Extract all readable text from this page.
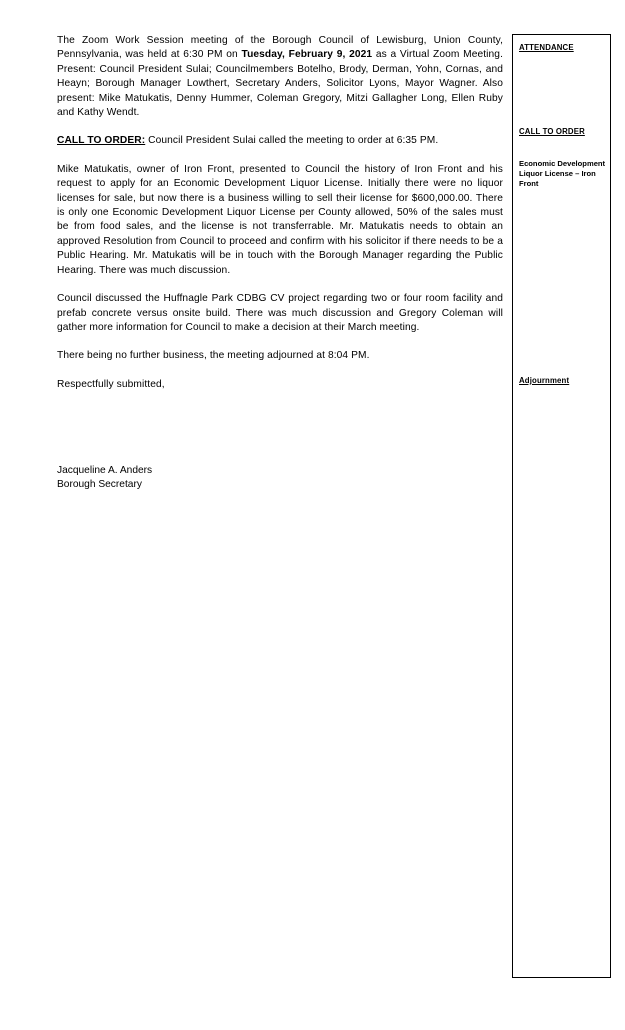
The Zoom Work Session meeting of the Borough Council of Lewisburg, Union County, Pennsylvania, was held at 6:30 PM on Tuesday, February 9, 2021 as a Virtual Zoom Meeting. Present: Council President Sulai; Councilmembers Botelho, Brody, Derman, Yohn, Cornas, and Heayn; Borough Manager Lowthert, Secretary Anders, Solicitor Lyons, Mayor Wagner. Also present: Mike Matukatis, Denny Hummer, Coleman Gregory, Mitzi Gallagher Long, Ellen Ruby and Kathy Wendt.

CALL TO ORDER: Council President Sulai called the meeting to order at 6:35 PM.

Mike Matukatis, owner of Iron Front, presented to Council the history of Iron Front and his request to apply for an Economic Development Liquor License. Initially there were no liquor licenses for sale, but now there is a business willing to sell their license for $600,000.00. There is only one Economic Development Liquor License per County allowed, 50% of the sales must be from food sales, and the license is not transferrable. Mr. Matukatis needs to obtain an approved Resolution from Council to proceed and confirm with his solicitor if there needs to be a Public Hearing. Mr. Matukatis will be in touch with the Borough Manager regarding the Public Hearing. There was much discussion.

Council discussed the Huffnagle Park CDBG CV project regarding two or four room facility and prefab concrete versus onsite build. There was much discussion and Gregory Coleman will gather more information for Council to make a decision at their March meeting.

There being no further business, the meeting adjourned at 8:04 PM.

Respectfully submitted,

Jacqueline A. Anders
Borough Secretary
ATTENDANCE
CALL TO ORDER
Economic Development Liquor License – Iron Front
Adjournment
